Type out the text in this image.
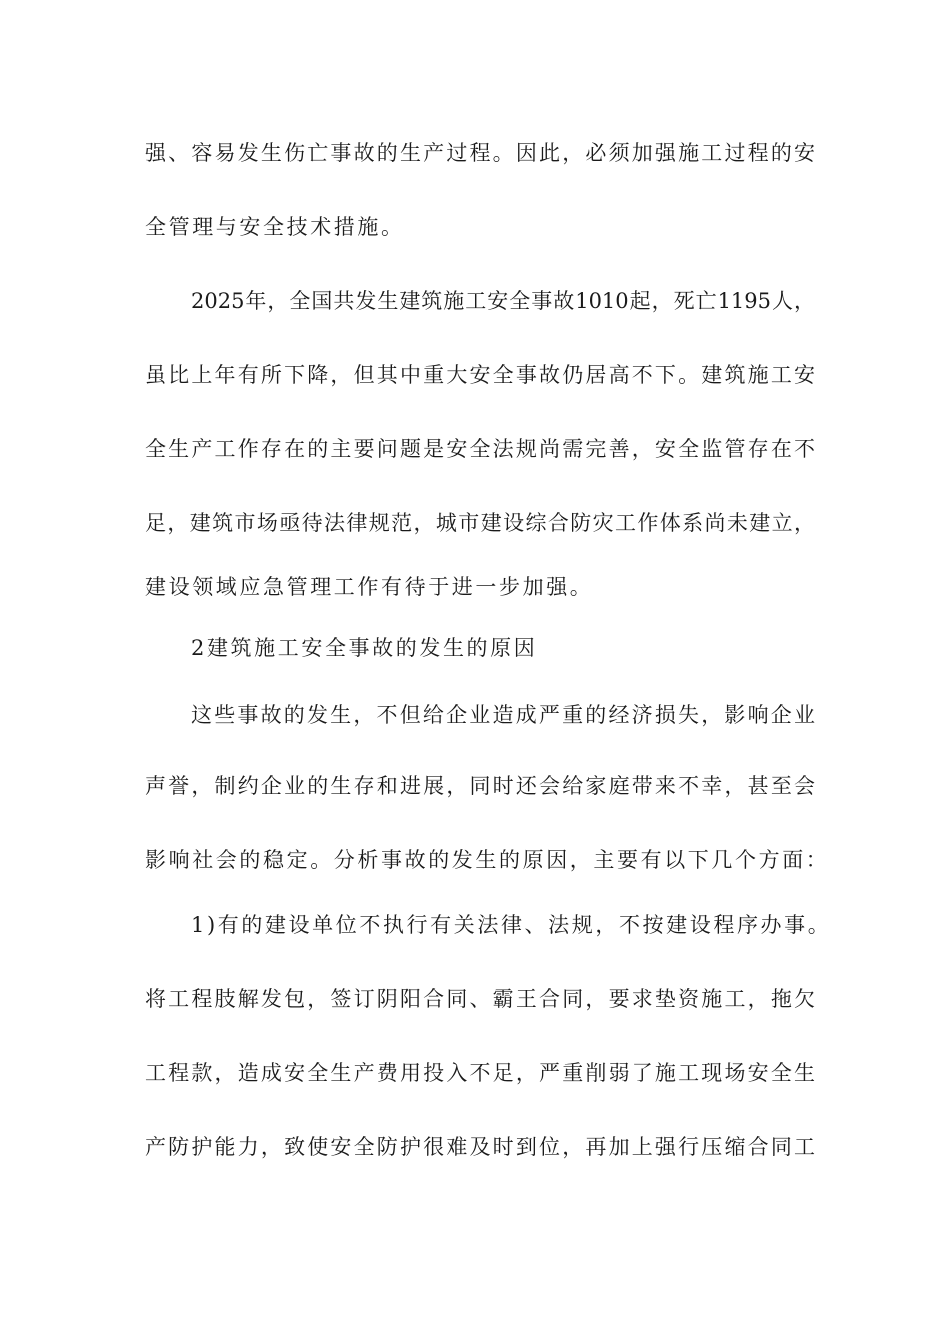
强、容易发生伤亡事故的生产过程。因此，必须加强施工过程的安
全管理与安全技术措施。
2025年，全国共发生建筑施工安全事故1010起，死亡1195人，
虽比上年有所下降，但其中重大安全事故仍居高不下。建筑施工安
全生产工作存在的主要问题是安全法规尚需完善，安全监管存在不
足，建筑市场亟待法律规范，城市建设综合防灾工作体系尚未建立，
建设领域应急管理工作有待于进一步加强。
2建筑施工安全事故的发生的原因
这些事故的发生，不但给企业造成严重的经济损失，影响企业
声誉，制约企业的生存和进展，同时还会给家庭带来不幸，甚至会
影响社会的稳定。分析事故的发生的原因，主要有以下几个方面：
1)有的建设单位不执行有关法律、法规，不按建设程序办事。
将工程肢解发包，签订阴阳合同、霸王合同，要求垫资施工，拖欠
工程款，造成安全生产费用投入不足，严重削弱了施工现场安全生
产防护能力，致使安全防护很难及时到位，再加上强行压缩合同工
